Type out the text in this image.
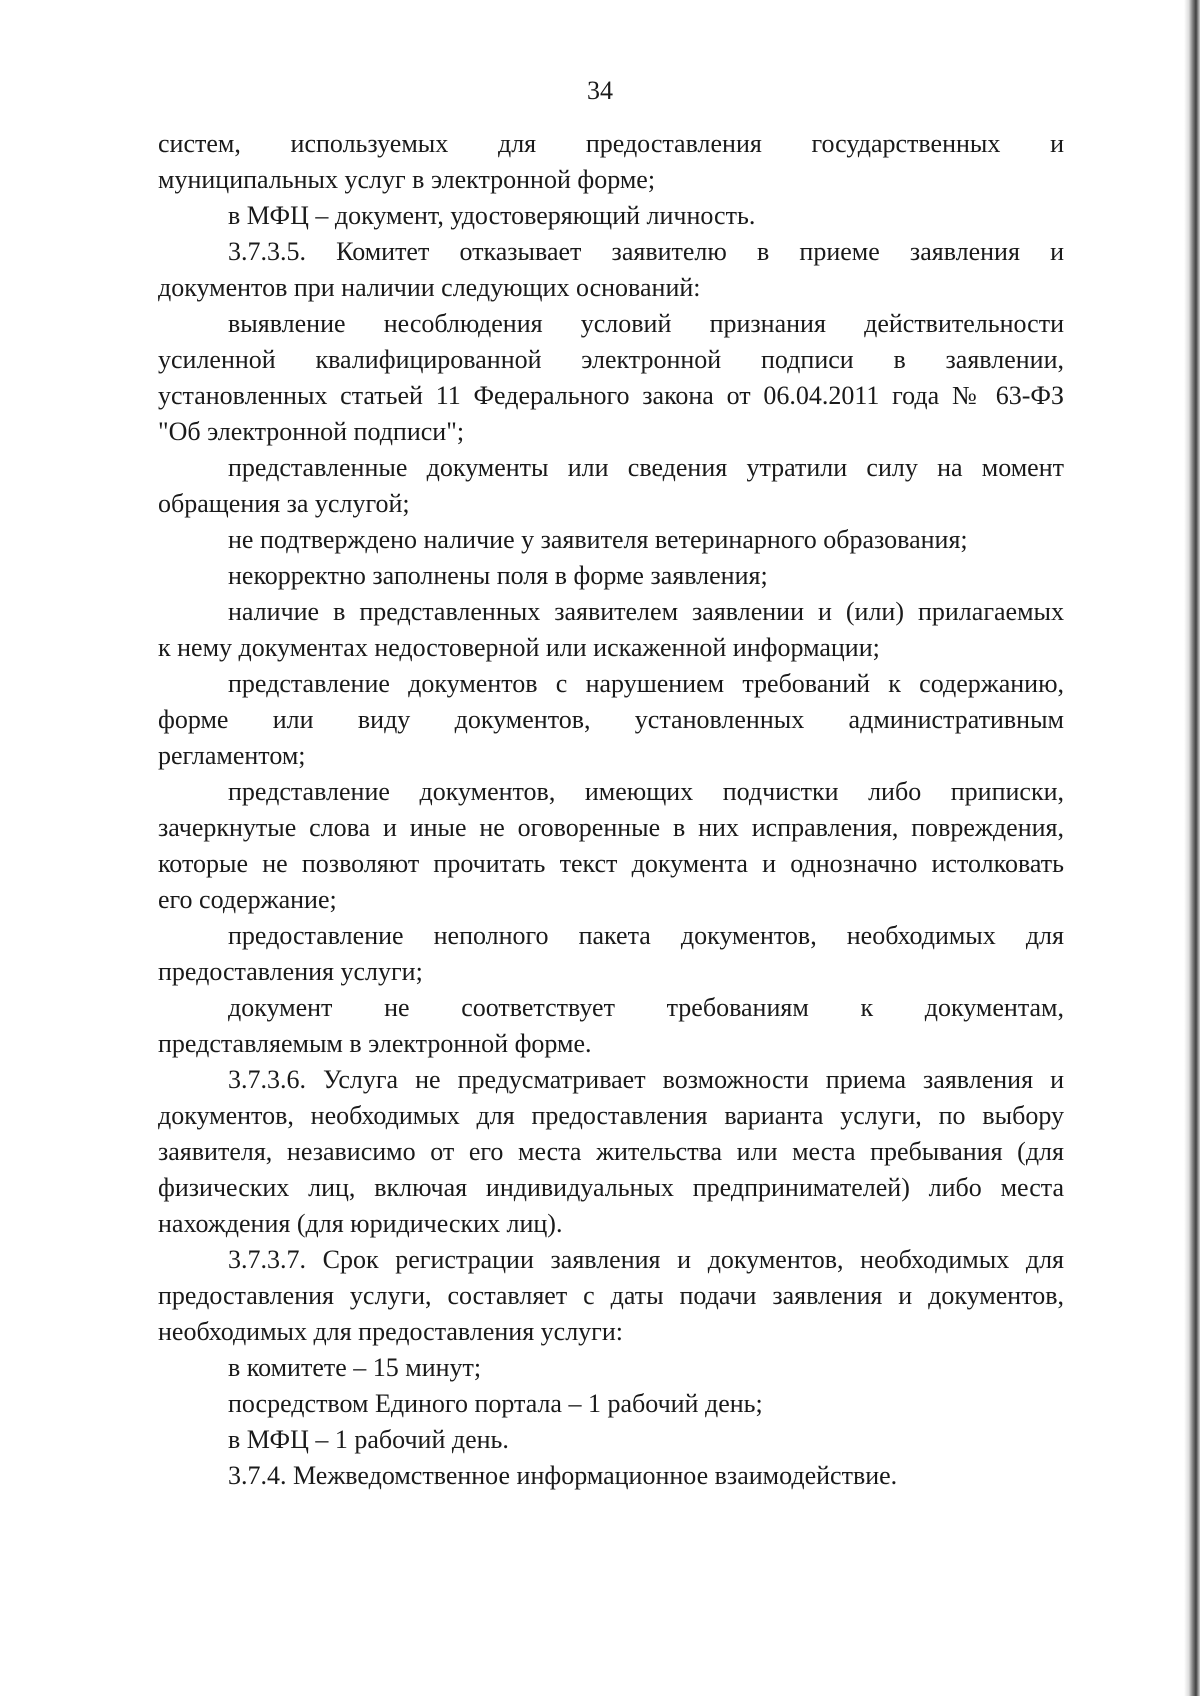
34
систем, используемых для предоставления государственных и
муниципальных услуг в электронной форме;
в МФЦ – документ, удостоверяющий личность.
3.7.3.5. Комитет отказывает заявителю в приеме заявления и
документов при наличии следующих оснований:
выявление несоблюдения условий признания действительности
усиленной квалифицированной электронной подписи в заявлении,
установленных статьей 11 Федерального закона от 06.04.2011 года № 63-ФЗ
"Об электронной подписи";
представленные документы или сведения утратили силу на момент
обращения за услугой;
не подтверждено наличие у заявителя ветеринарного образования;
некорректно заполнены поля в форме заявления;
наличие в представленных заявителем заявлении и (или) прилагаемых
к нему документах недостоверной или искаженной информации;
представление документов с нарушением требований к содержанию,
форме или виду документов, установленных административным
регламентом;
представление документов, имеющих подчистки либо приписки,
зачеркнутые слова и иные не оговоренные в них исправления, повреждения,
которые не позволяют прочитать текст документа и однозначно истолковать
его содержание;
предоставление неполного пакета документов, необходимых для
предоставления услуги;
документ не соответствует требованиям к документам,
представляемым в электронной форме.
3.7.3.6. Услуга не предусматривает возможности приема заявления и
документов, необходимых для предоставления варианта услуги, по выбору
заявителя, независимо от его места жительства или места пребывания (для
физических лиц, включая индивидуальных предпринимателей) либо места
нахождения (для юридических лиц).
3.7.3.7. Срок регистрации заявления и документов, необходимых для
предоставления услуги, составляет с даты подачи заявления и документов,
необходимых для предоставления услуги:
в комитете – 15 минут;
посредством Единого портала – 1 рабочий день;
в МФЦ – 1 рабочий день.
3.7.4. Межведомственное информационное взаимодействие.
